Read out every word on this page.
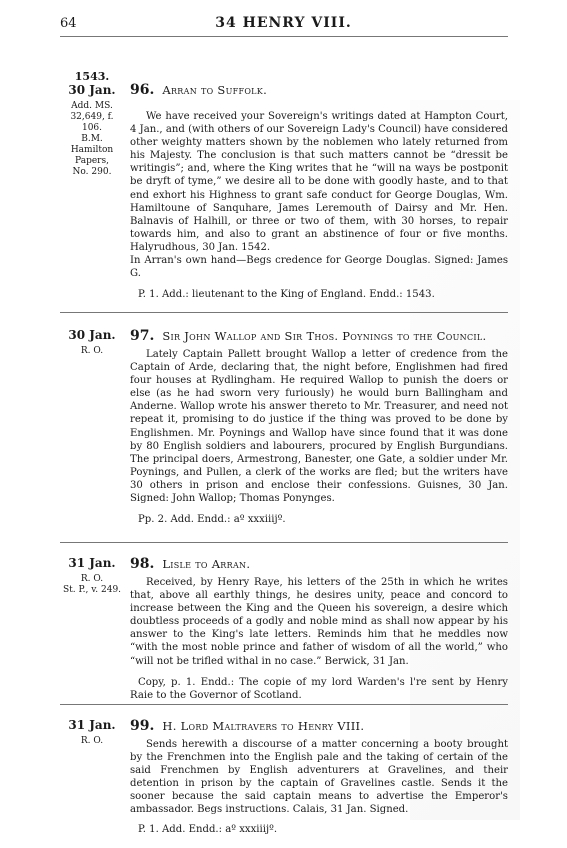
64	34 HENRY VIII.
1543.
30 Jan.
Add. MS.
32,649, f. 106.
B.M.
Hamilton
Papers,
No. 290.
96. Arran to Suffolk.

We have received your Sovereign's writings dated at Hampton Court, 4 Jan., and (with others of our Sovereign Lady's Council) have considered other weighty matters shown by the noblemen who lately returned from his Majesty. The conclusion is that such matters cannot be “dressit be writingis”; and, where the King writes that he “will na ways be postponit be dryft of tyme,” we desire all to be done with goodly haste, and to that end exhort his Highness to grant safe conduct for George Douglas, Wm. Hamiltoune of Sanquhare, James Leremouth of Dairsy and Mr. Hen. Balnavis of Halhill, or three or two of them, with 30 horses, to repair towards him, and also to grant an abstinence of four or five months. Halyrudhous, 30 Jan. 1542.

In Arran's own hand—Begs credence for George Douglas. Signed: James G.

P. 1. Add.: lieutenant to the King of England. Endd.: 1543.

30 Jan.
R. O.
97. Sir John Wallop and Sir Thos. Poynings to the Council.

Lately Captain Pallett brought Wallop a letter of credence from the Captain of Arde, declaring that, the night before, Englishmen had fired four houses at Rydlingham. He required Wallop to punish the doers or else (as he had sworn very furiously) he would burn Ballingham and Anderne. Wallop wrote his answer thereto to Mr. Treasurer, and need not repeat it, promising to do justice if the thing was proved to be done by Englishmen. Mr. Poynings and Wallop have since found that it was done by 80 English soldiers and labourers, procured by English Burgundians. The principal doers, Armestrong, Banester, one Gate, a soldier under Mr. Poynings, and Pullen, a clerk of the works are fled; but the writers have 30 others in prison and enclose their confessions. Guisnes, 30 Jan. Signed: John Wallop; Thomas Ponynges.

Pp. 2. Add. Endd.: aº xxxiiijº.

31 Jan.
R. O.
St. P., v. 249.
98. Lisle to Arran.

Received, by Henry Raye, his letters of the 25th in which he writes that, above all earthly things, he desires unity, peace and concord to increase between the King and the Queen his sovereign, a desire which doubtless proceeds of a godly and noble mind as shall now appear by his answer to the King's late letters. Reminds him that he meddles now “with the most noble prince and father of wisdom of all the world,” who “will not be trifled withal in no case.” Berwick, 31 Jan.

Copy, p. 1. Endd.: The copie of my lord Warden's l're sent by Henry Raie to the Governor of Scotland.

31 Jan.
R. O.
99. H. Lord Maltravers to Henry VIII.

Sends herewith a discourse of a matter concerning a booty brought by the Frenchmen into the English pale and the taking of certain of the said Frenchmen by English adventurers at Gravelines, and their detention in prison by the captain of Gravelines castle. Sends it the sooner because the said captain means to advertise the Emperor's ambassador. Begs instructions. Calais, 31 Jan. Signed.

P. 1. Add. Endd.: aº xxxiiijº.
